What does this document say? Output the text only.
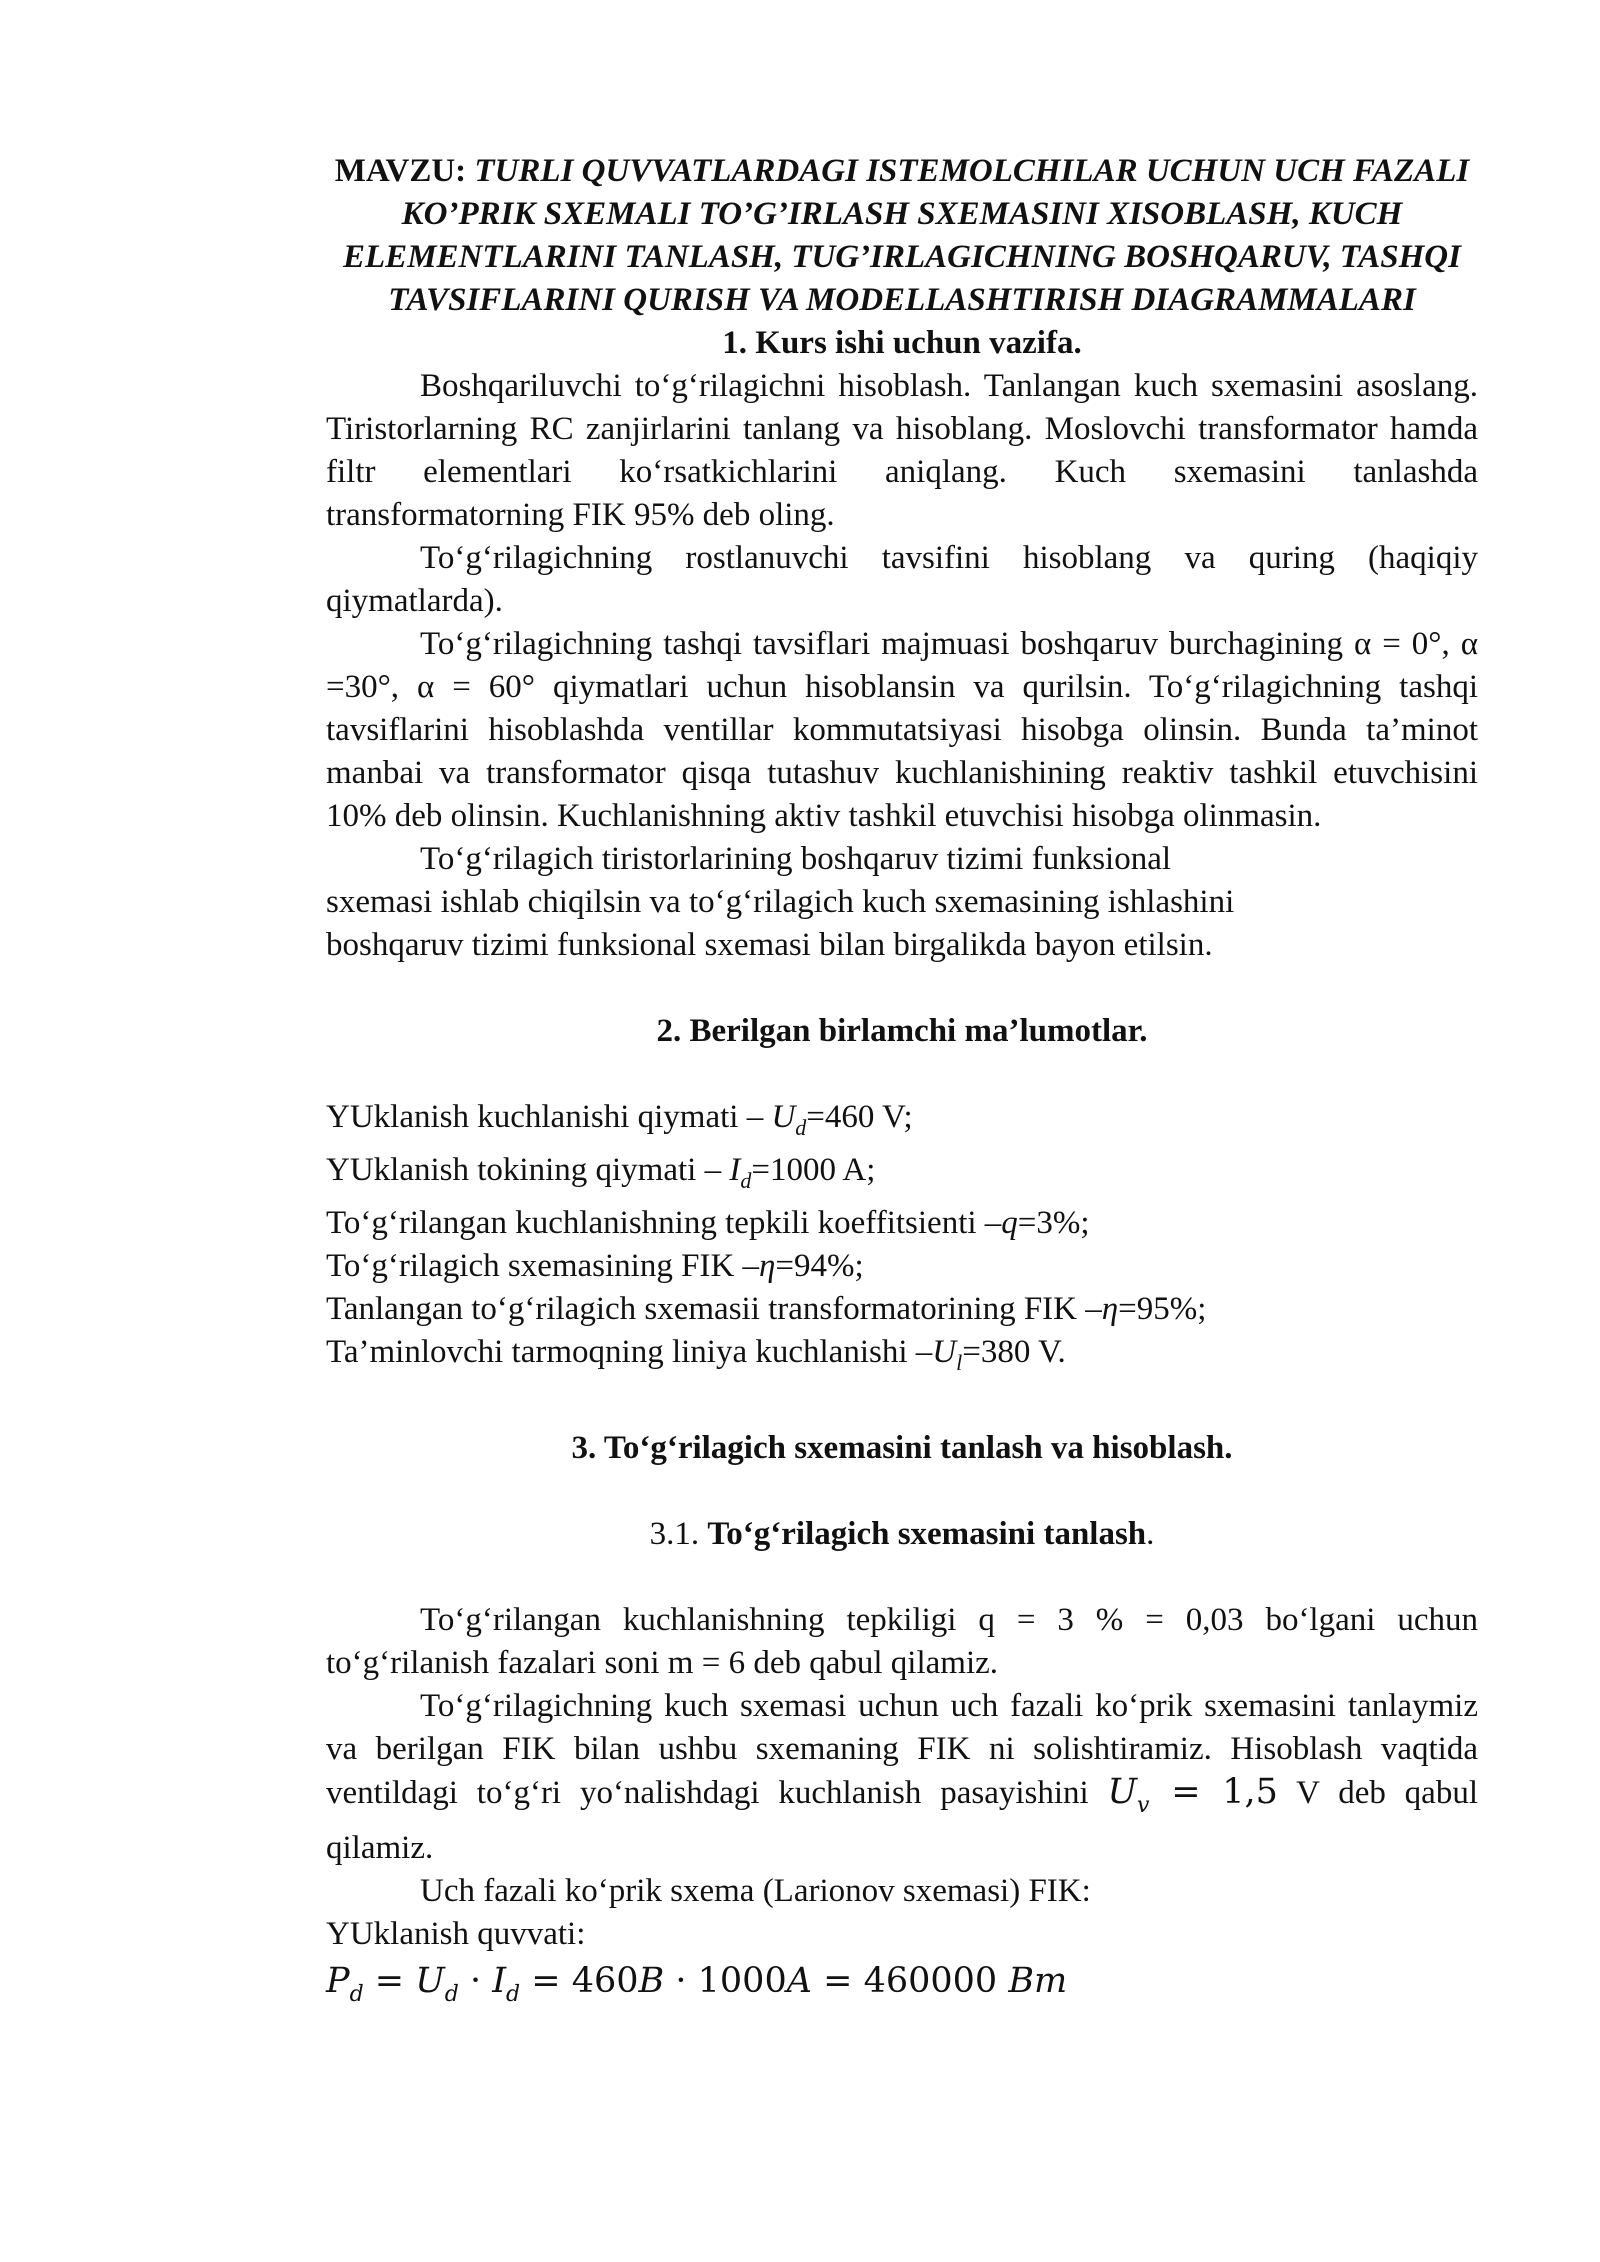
MAVZU: TURLI QUVVATLARDAGI ISTEMOLCHILAR UCHUN UCH FAZALI KO’PRIK SXEMALI TO’G’IRLASH SXEMASINI XISOBLASH, KUCH ELEMENTLARINI TANLASH, TUG’IRLAGICHNING BOSHQARUV, TASHQI TAVSIFLARINI QURISH VA MODELLASHTIRISH DIAGRAMMALARI

1. Kurs ishi uchun vazifa.

Boshqariluvchi to‘g‘rilagichni hisoblash. Tanlangan kuch sxemasini asoslang. Tiristorlarning RC zanjirlarini tanlang va hisoblang. Moslovchi transformator hamda filtr elementlari ko‘rsatkichlarini aniqlang. Kuch sxemasini tanlashda transformatorning FIK 95% deb oling.

To‘g‘rilagichning rostlanuvchi tavsifini hisoblang va quring (haqiqiy qiymatlarda).

To‘g‘rilagichning tashqi tavsiflari majmuasi boshqaruv burchagining α = 0°, α =30°, α = 60° qiymatlari uchun hisoblansin va qurilsin. To‘g‘rilagichning tashqi tavsiflarini hisoblashda ventillar kommutatsiyasi hisobga olinsin. Bunda ta’minot manbai va transformator qisqa tutashuv kuchlanishining reaktiv tashkil etuvchisini 10% deb olinsin. Kuchlanishning aktiv tashkil etuvchisi hisobga olinmasin.

To‘g‘rilagich tiristorlarining boshqaruv tizimi funksional

sxemasi ishlab chiqilsin va to‘g‘rilagich kuch sxemasining ishlashini

boshqaruv tizimi funksional sxemasi bilan birgalikda bayon etilsin.

2. Berilgan birlamchi ma’lumotlar.

YUklanish kuchlanishi qiymati – $U_d=460$ V;

YUklanish tokining qiymati – $I_d=1000$ A;

To‘g‘rilangan kuchlanishning tepkili koeffitsienti –q=3%;

To‘g‘rilagich sxemasining FIK –η=94%;

Tanlangan to‘g‘rilagich sxemasii transformatorining FIK –η=95%;

Ta’minlovchi tarmoqning liniya kuchlanishi $-U_l=380$ V.

3. To‘g‘rilagich sxemasini tanlash va hisoblash.

3.1. To‘g‘rilagich sxemasini tanlash.

To‘g‘rilangan kuchlanishning tepkiligi q = 3 % = 0,03 bo‘lgani uchun to‘g‘rilanish fazalari soni m = 6 deb qabul qilamiz.

To‘g‘rilagichning kuch sxemasi uchun uch fazali ko‘prik sxemasini tanlaymiz va berilgan FIK bilan ushbu sxemaning FIK ni solishtiramiz. Hisoblash vaqtida ventildagi to‘g‘ri yo‘nalishdagi kuchlanish pasayishini $U_v = 1,5$ V deb qabul qilamiz.

Uch fazali ko‘prik sxema (Larionov sxemasi) FIK:

YUklanish quvvati:

$P_d = U_d \cdot I_d = 460B \cdot 1000A = 460000$ Bm
